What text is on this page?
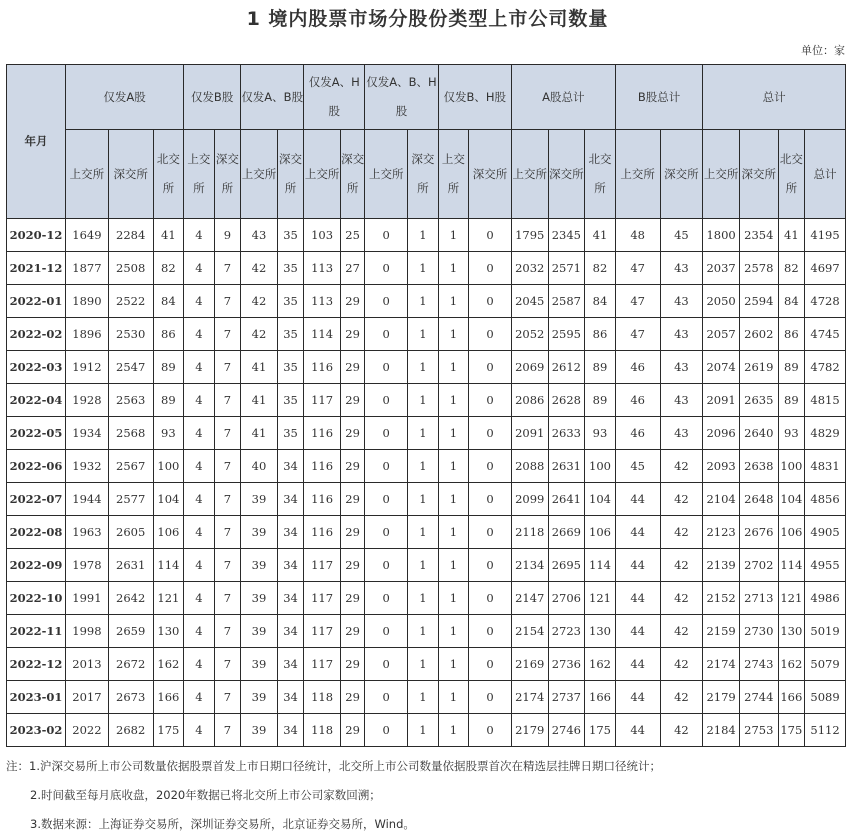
1 境内股票市场分股份类型上市公司数量
单位：家
年月	仅发A股			仅发B股		仅发A、B股		仅发A、H股		仅发A、B、H股		仅发B、H股		A股总计			B股总计		总计			
	上交所	深交所	北交所	上交所	深交所	上交所	深交所	上交所	深交所	上交所	深交所	上交所	深交所	上交所	深交所	北交所	上交所	深交所	上交所	深交所	北交所	总计
2020-12	1649	2284	41	4	9	43	35	103	25	0	1	1	0	1795	2345	41	48	45	1800	2354	41	4195
2021-12	1877	2508	82	4	7	42	35	113	27	0	1	1	0	2032	2571	82	47	43	2037	2578	82	4697
2022-01	1890	2522	84	4	7	42	35	113	29	0	1	1	0	2045	2587	84	47	43	2050	2594	84	4728
2022-02	1896	2530	86	4	7	42	35	114	29	0	1	1	0	2052	2595	86	47	43	2057	2602	86	4745
2022-03	1912	2547	89	4	7	41	35	116	29	0	1	1	0	2069	2612	89	46	43	2074	2619	89	4782
2022-04	1928	2563	89	4	7	41	35	117	29	0	1	1	0	2086	2628	89	46	43	2091	2635	89	4815
2022-05	1934	2568	93	4	7	41	35	116	29	0	1	1	0	2091	2633	93	46	43	2096	2640	93	4829
2022-06	1932	2567	100	4	7	40	34	116	29	0	1	1	0	2088	2631	100	45	42	2093	2638	100	4831
2022-07	1944	2577	104	4	7	39	34	116	29	0	1	1	0	2099	2641	104	44	42	2104	2648	104	4856
2022-08	1963	2605	106	4	7	39	34	116	29	0	1	1	0	2118	2669	106	44	42	2123	2676	106	4905
2022-09	1978	2631	114	4	7	39	34	117	29	0	1	1	0	2134	2695	114	44	42	2139	2702	114	4955
2022-10	1991	2642	121	4	7	39	34	117	29	0	1	1	0	2147	2706	121	44	42	2152	2713	121	4986
2022-11	1998	2659	130	4	7	39	34	117	29	0	1	1	0	2154	2723	130	44	42	2159	2730	130	5019
2022-12	2013	2672	162	4	7	39	34	117	29	0	1	1	0	2169	2736	162	44	42	2174	2743	162	5079
2023-01	2017	2673	166	4	7	39	34	118	29	0	1	1	0	2174	2737	166	44	42	2179	2744	166	5089
2023-02	2022	2682	175	4	7	39	34	118	29	0	1	1	0	2179	2746	175	44	42	2184	2753	175	5112
注：1.沪深交易所上市公司数量依据股票首发上市日期口径统计，北交所上市公司数量依据股票首次在精选层挂牌日期口径统计；
2.时间截至每月底收盘，2020年数据已将北交所上市公司家数回溯；
3.数据来源：上海证券交易所，深圳证券交易所，北京证券交易所，Wind。
